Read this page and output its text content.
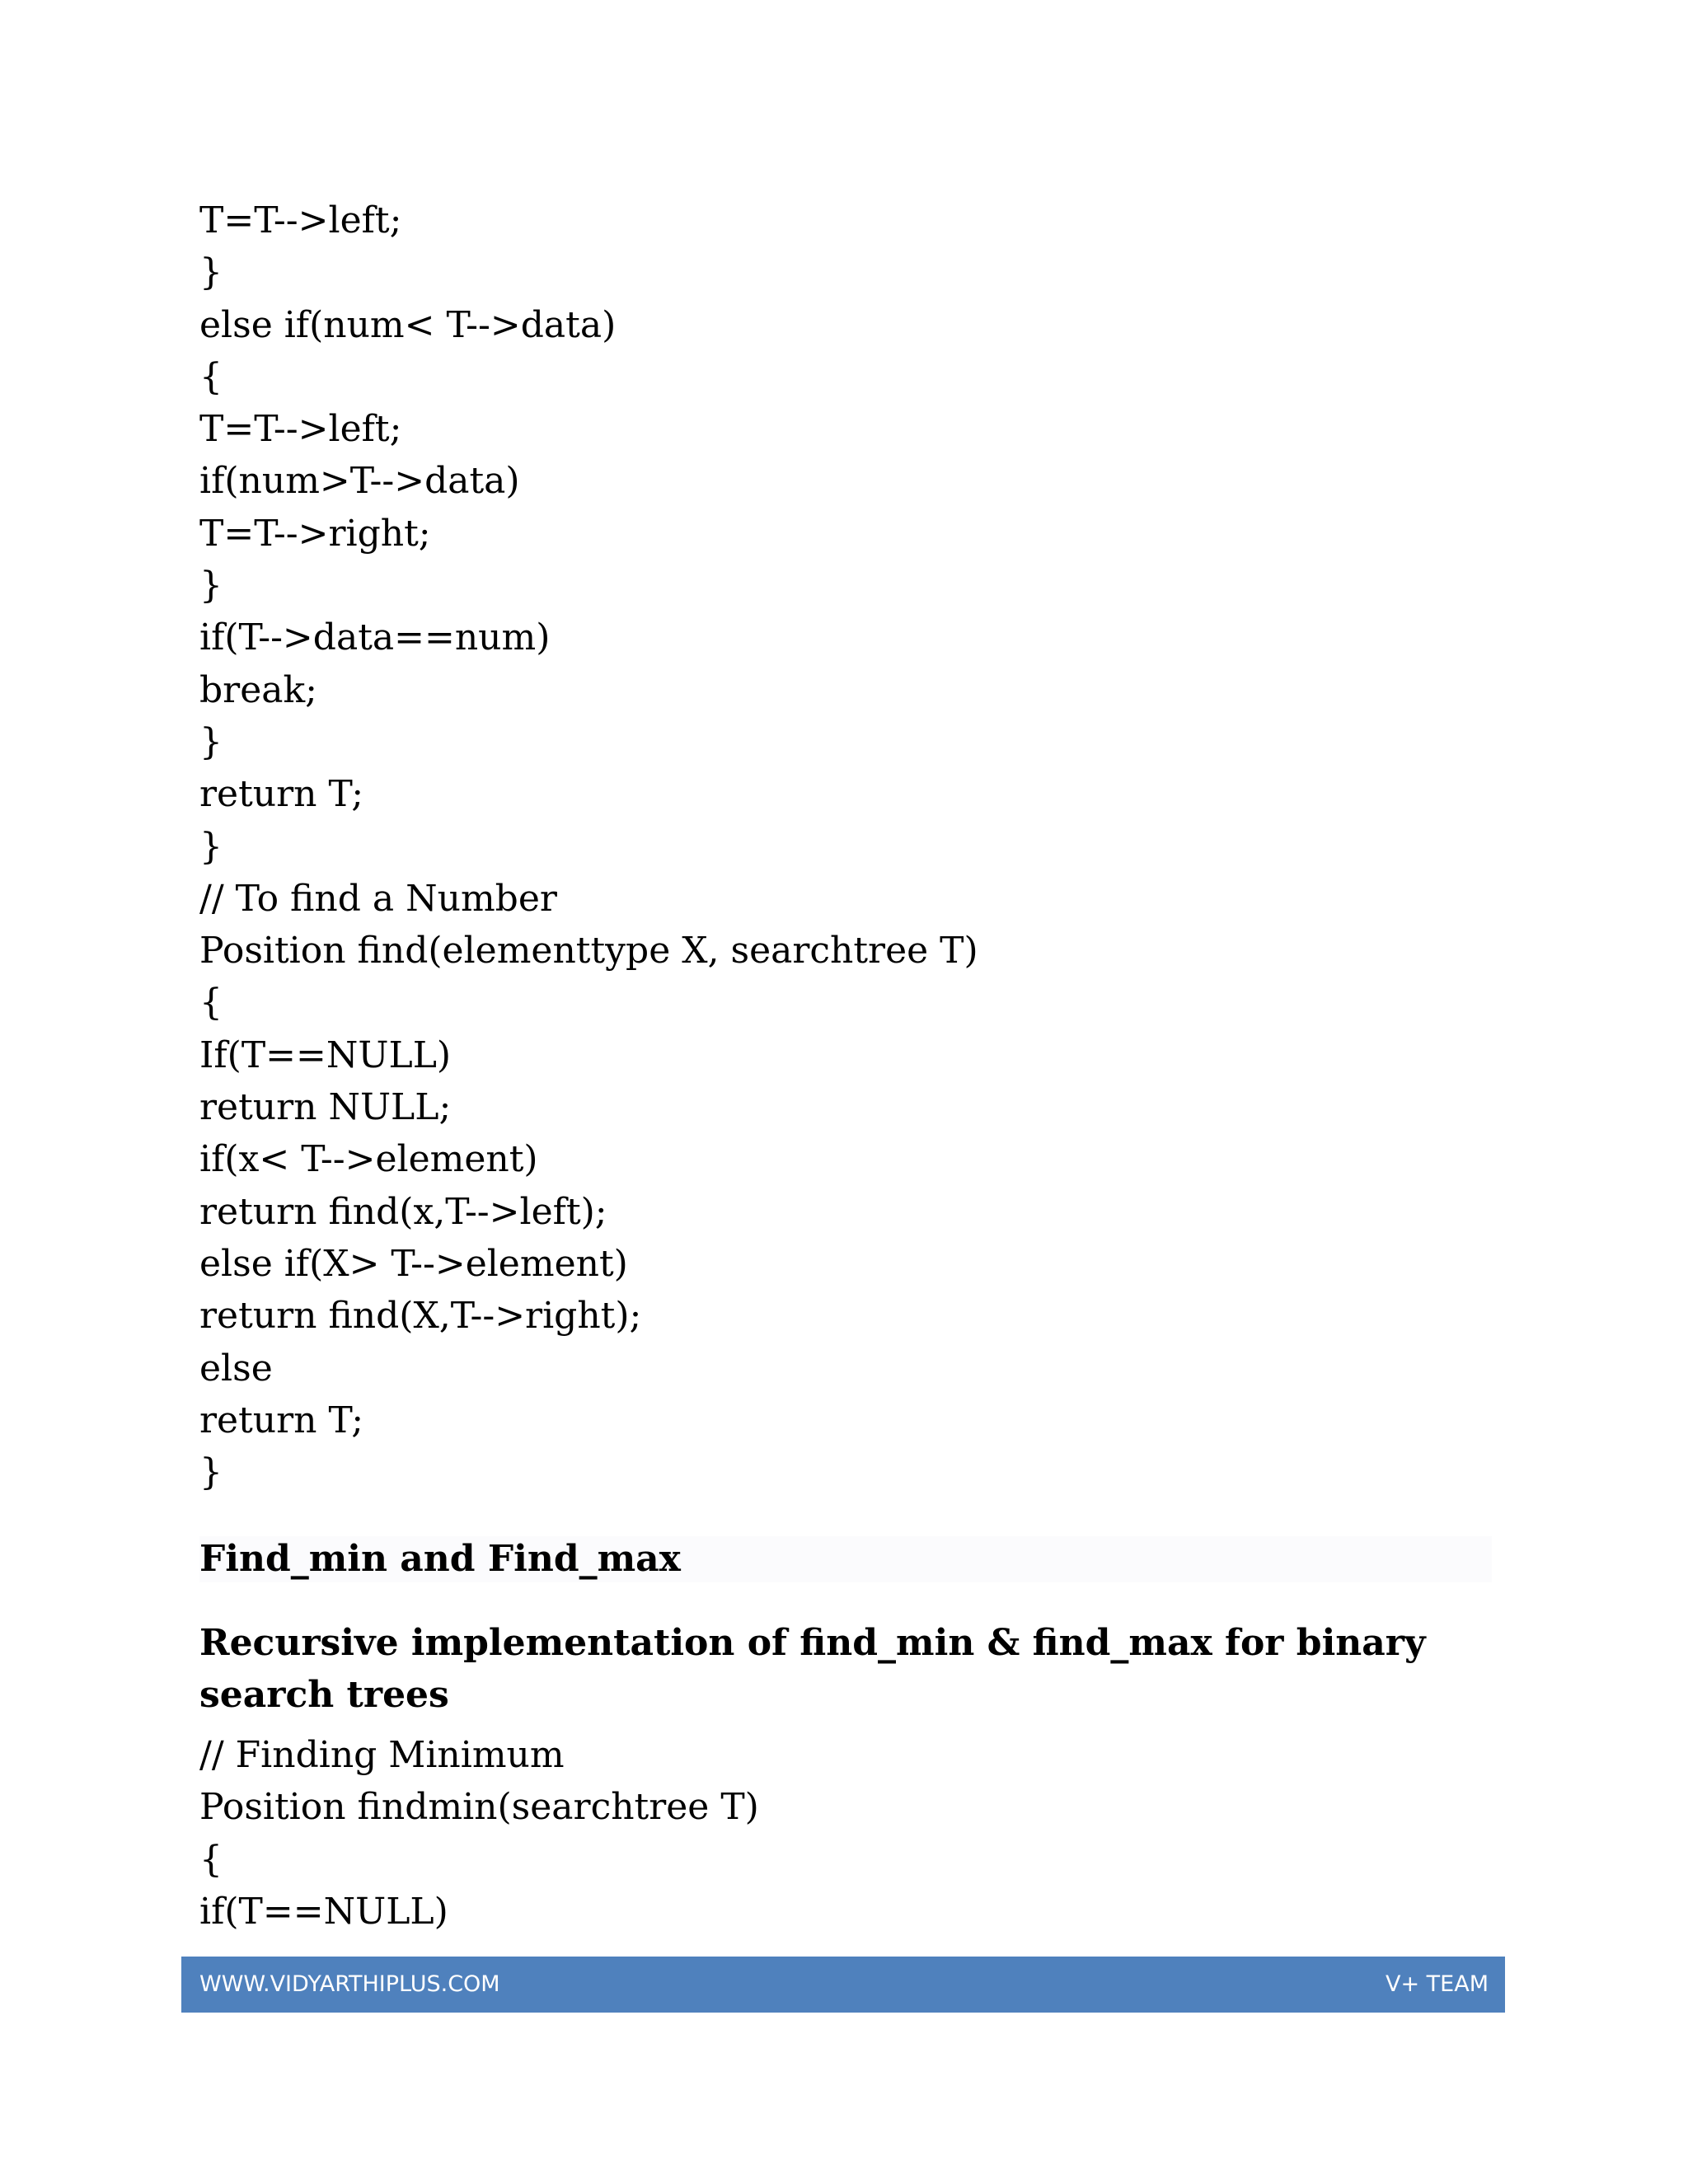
T=T-->left;
}
else if(num< T-->data)
{
T=T-->left;
if(num>T-->data)
T=T-->right;
}
if(T-->data==num)
break;
}
return T;
}
// To find a Number
Position find(elementtype X, searchtree T)
{
If(T==NULL)
return NULL;
if(x< T-->element)
return find(x,T-->left);
else if(X> T-->element)
return find(X,T-->right);
else
return T;
}
Find_min and Find_max
Recursive implementation of find_min & find_max for binary search trees
// Finding Minimum
Position findmin(searchtree T)
{
if(T==NULL)
WWW.VIDYARTHIPLUS.COM	V+ TEAM
